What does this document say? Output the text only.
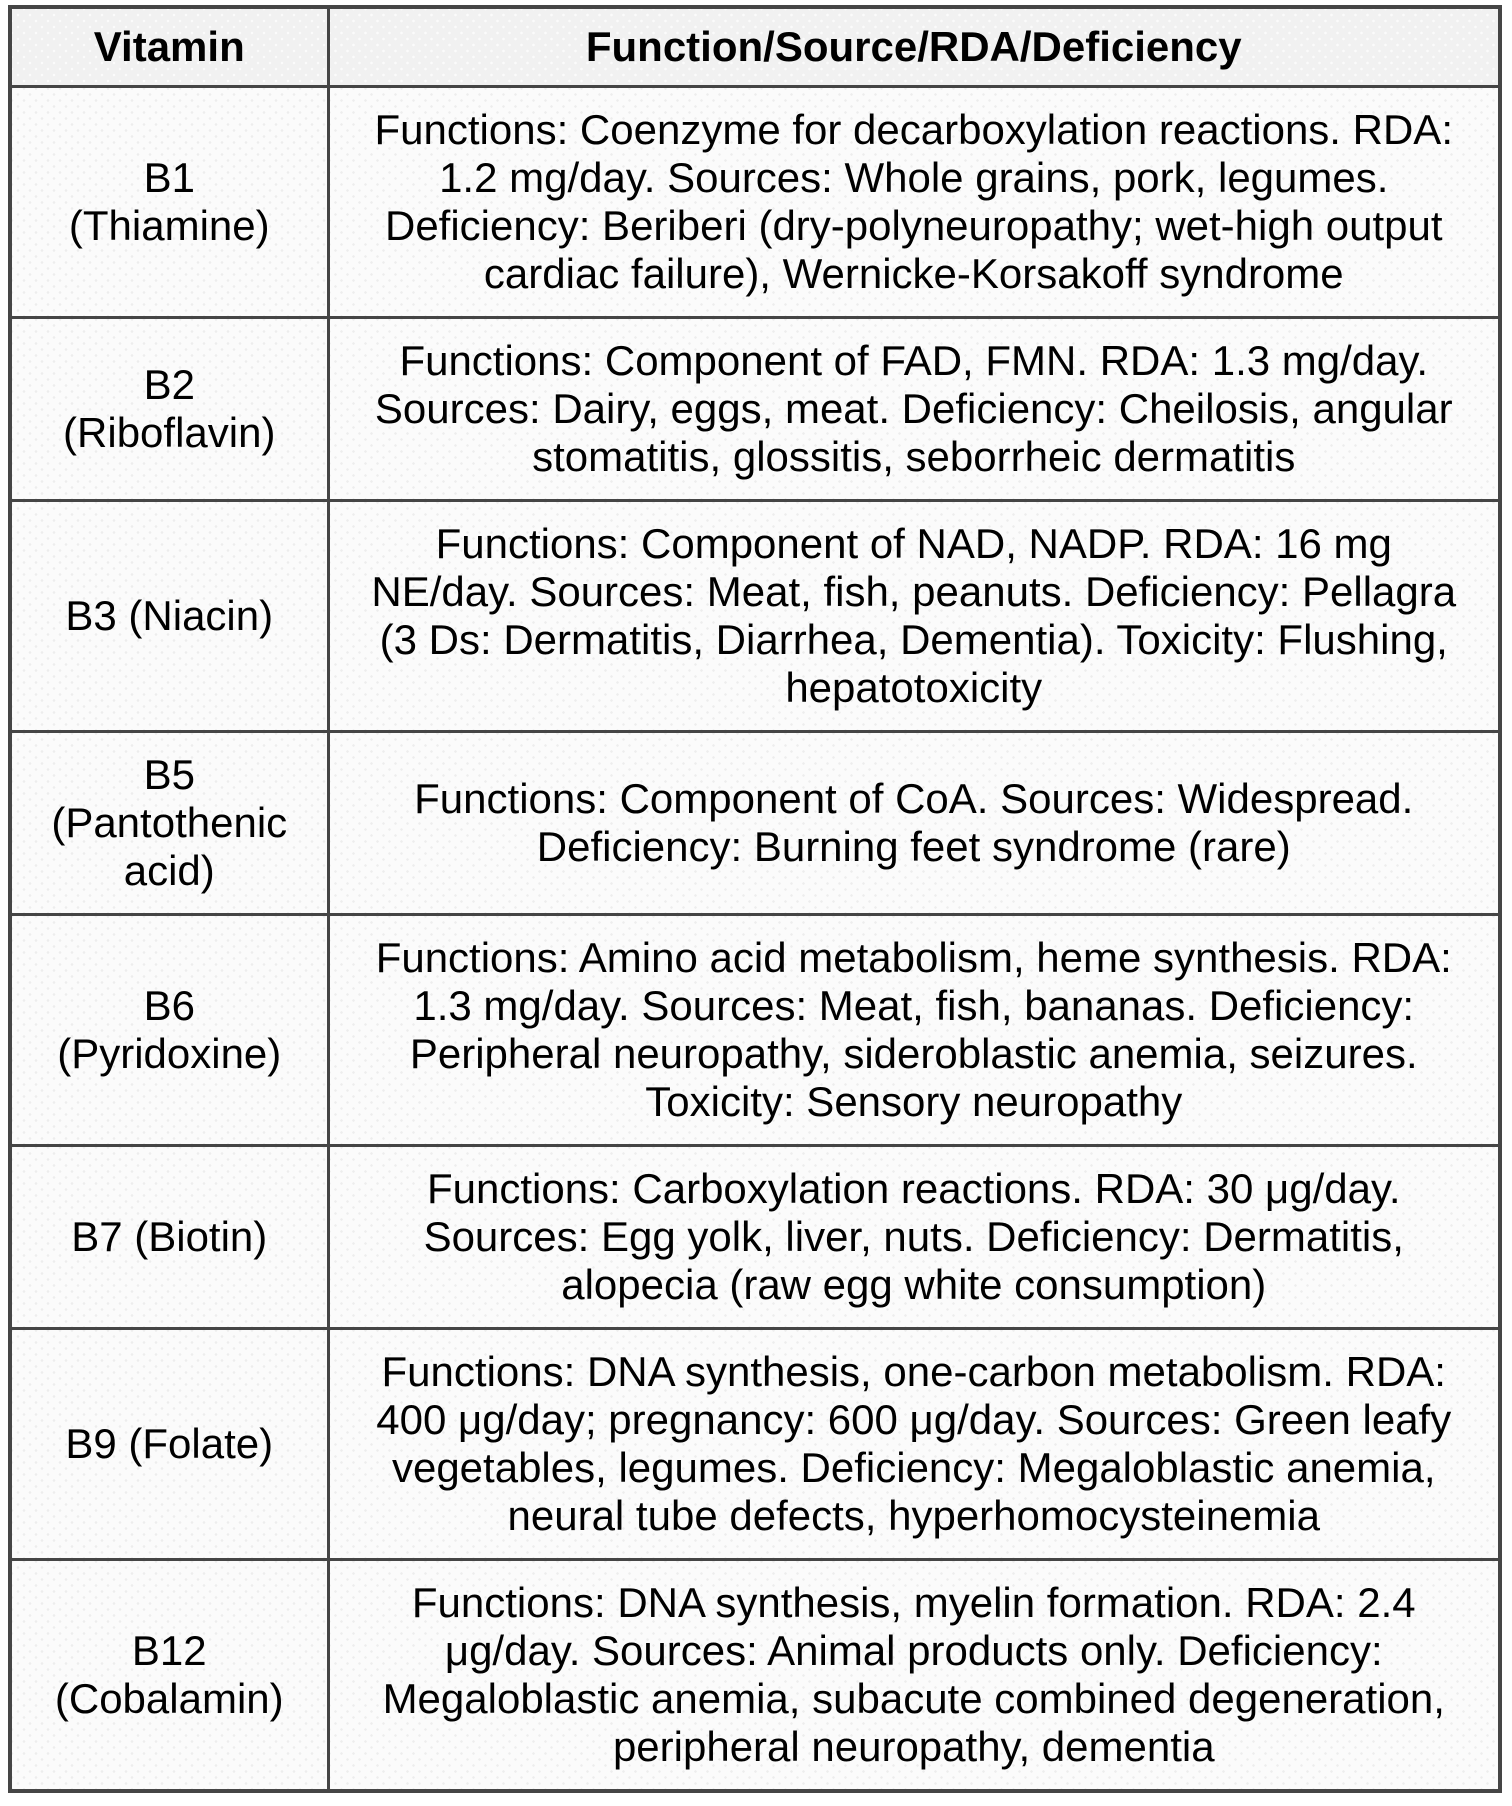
Vitamin	Function/Source/RDA/Deficiency
B1 (Thiamine)	Functions: Coenzyme for decarboxylation reactions. RDA: 1.2 mg/day. Sources: Whole grains, pork, legumes. Deficiency: Beriberi (dry-polyneuropathy; wet-high output cardiac failure), Wernicke-Korsakoff syndrome
B2 (Riboflavin)	Functions: Component of FAD, FMN. RDA: 1.3 mg/day. Sources: Dairy, eggs, meat. Deficiency: Cheilosis, angular stomatitis, glossitis, seborrheic dermatitis
B3 (Niacin)	Functions: Component of NAD, NADP. RDA: 16 mg NE/day. Sources: Meat, fish, peanuts. Deficiency: Pellagra (3 Ds: Dermatitis, Diarrhea, Dementia). Toxicity: Flushing, hepatotoxicity
B5 (Pantothenic acid)	Functions: Component of CoA. Sources: Widespread. Deficiency: Burning feet syndrome (rare)
B6 (Pyridoxine)	Functions: Amino acid metabolism, heme synthesis. RDA: 1.3 mg/day. Sources: Meat, fish, bananas. Deficiency: Peripheral neuropathy, sideroblastic anemia, seizures. Toxicity: Sensory neuropathy
B7 (Biotin)	Functions: Carboxylation reactions. RDA: 30 μg/day. Sources: Egg yolk, liver, nuts. Deficiency: Dermatitis, alopecia (raw egg white consumption)
B9 (Folate)	Functions: DNA synthesis, one-carbon metabolism. RDA: 400 μg/day; pregnancy: 600 μg/day. Sources: Green leafy vegetables, legumes. Deficiency: Megaloblastic anemia, neural tube defects, hyperhomocysteinemia
B12 (Cobalamin)	Functions: DNA synthesis, myelin formation. RDA: 2.4 μg/day. Sources: Animal products only. Deficiency: Megaloblastic anemia, subacute combined degeneration, peripheral neuropathy, dementia
